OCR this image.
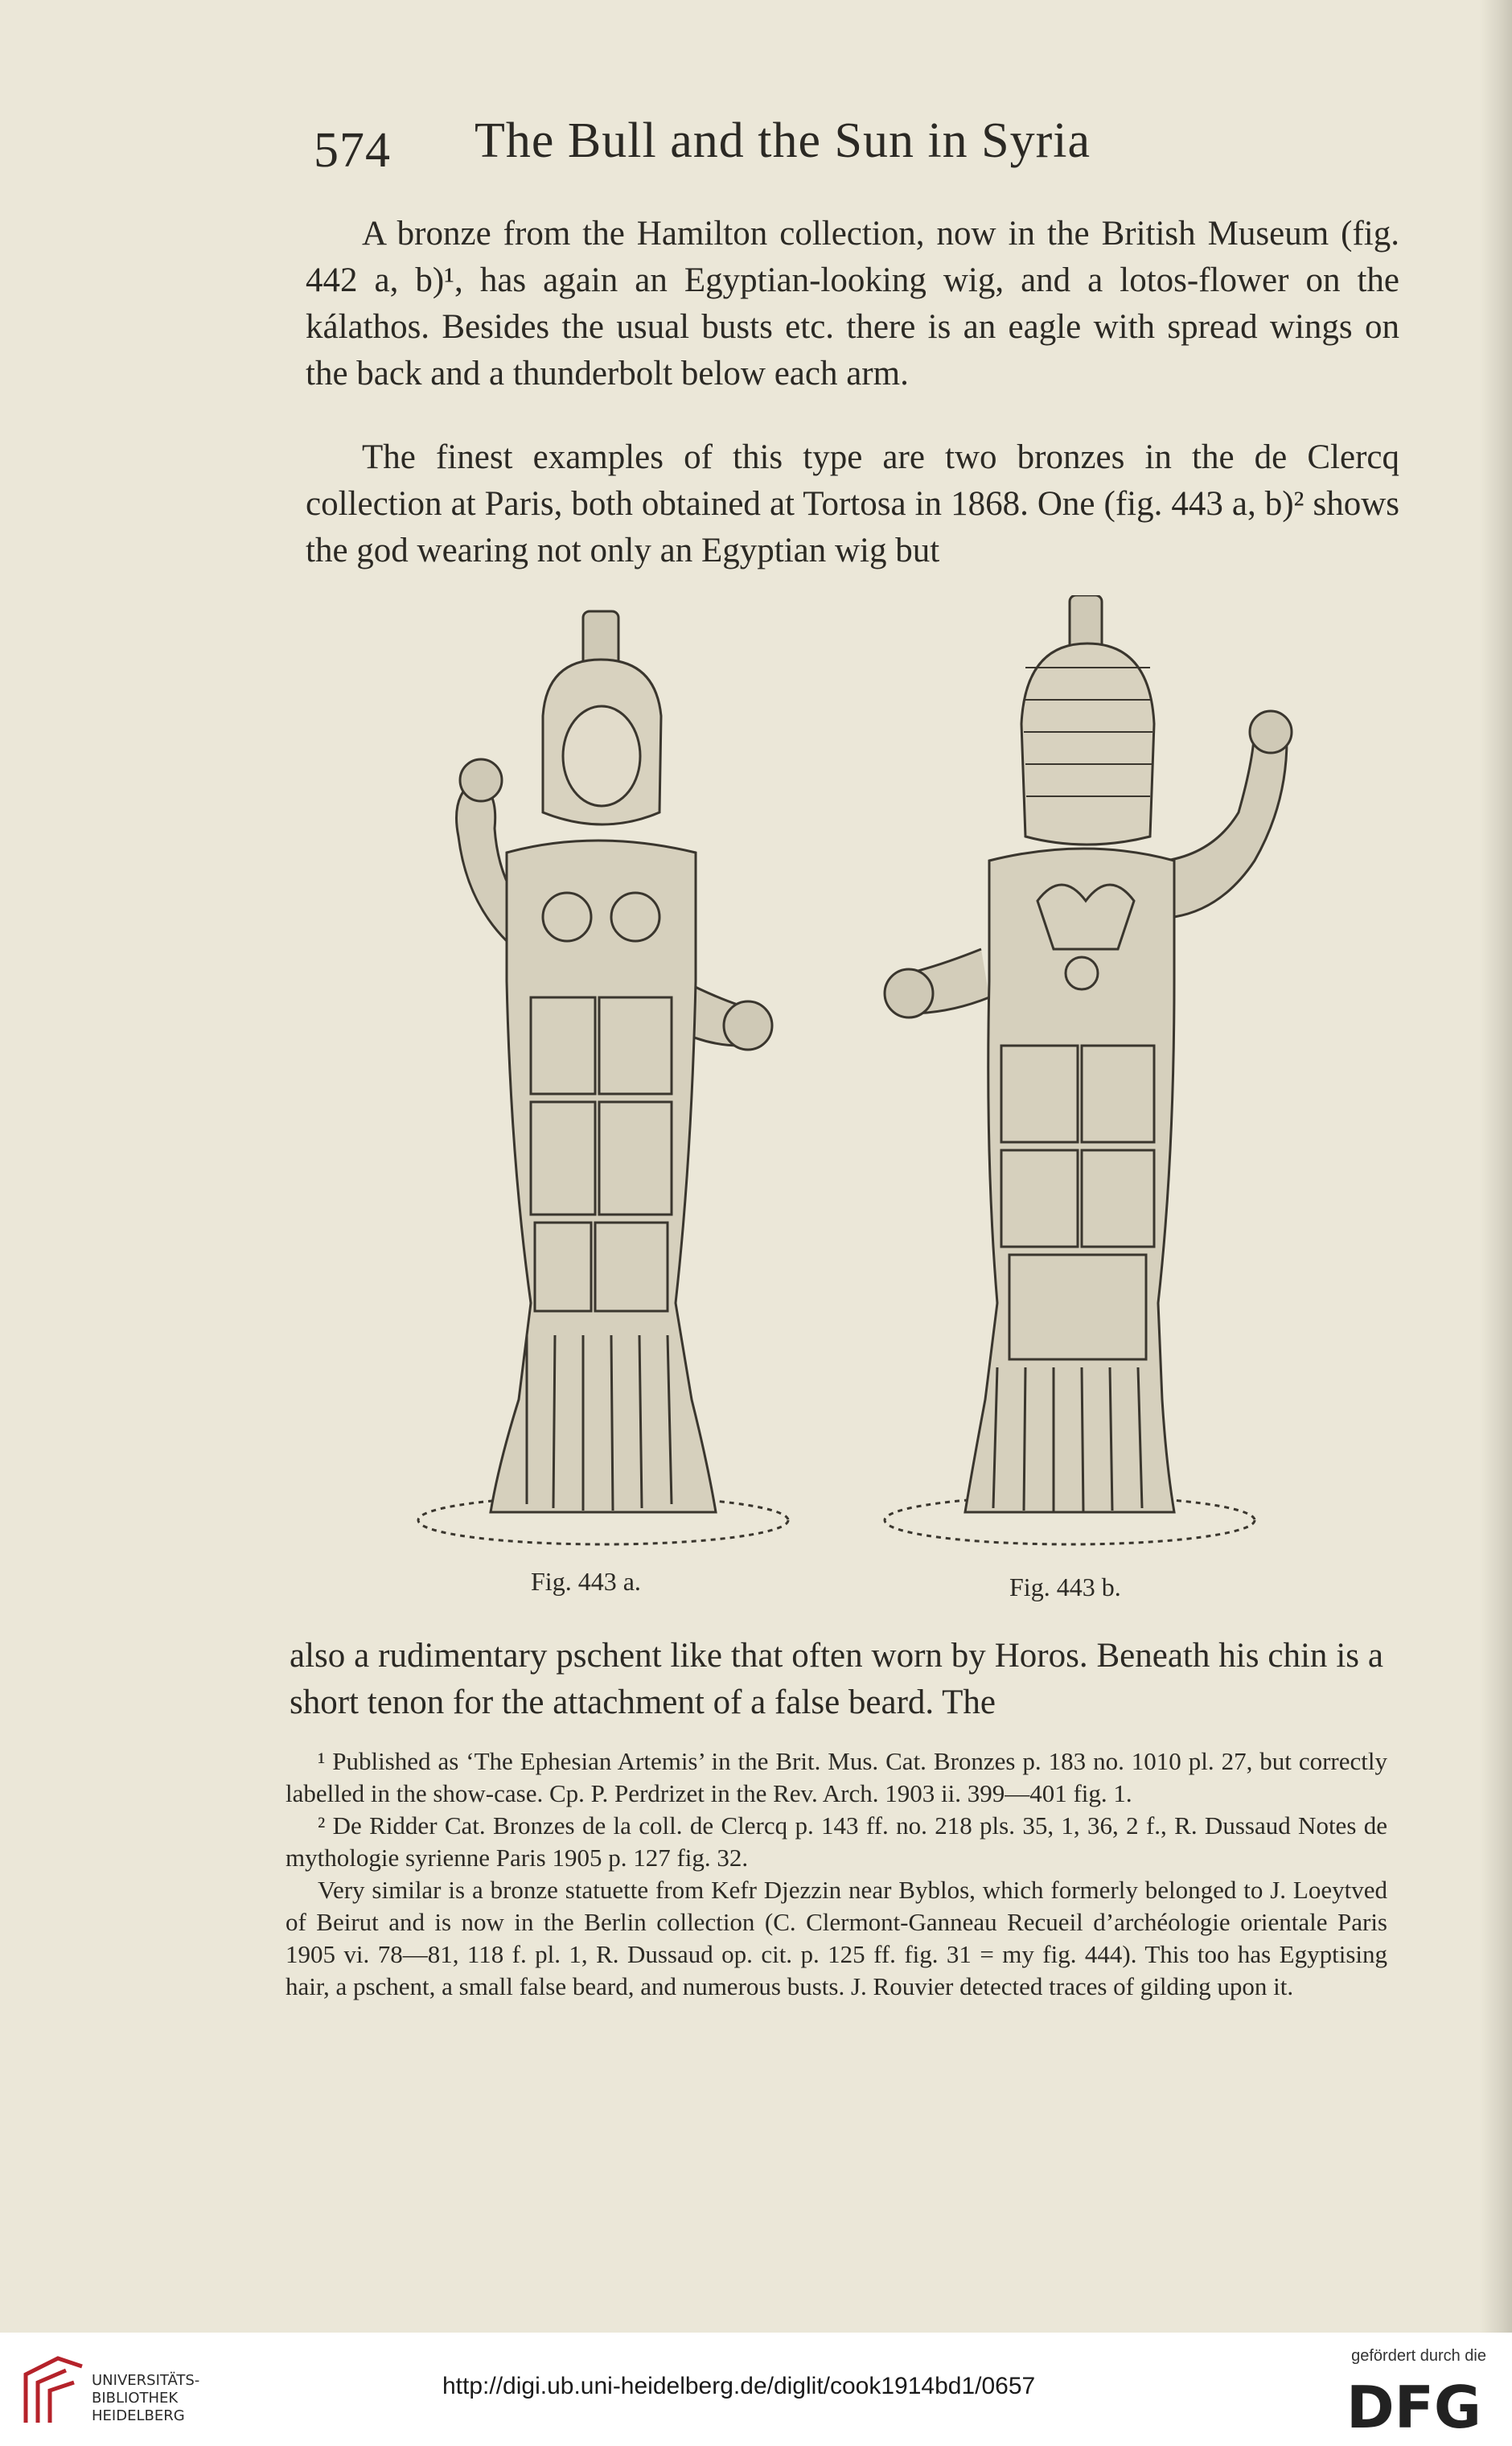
574 The Bull and the Sun in Syria

A bronze from the Hamilton collection, now in the British Museum (fig. 442 a, b)¹, has again an Egyptian-looking wig, and a lotos-flower on the kálathos. Besides the usual busts etc. there is an eagle with spread wings on the back and a thunderbolt below each arm.

The finest examples of this type are two bronzes in the de Clercq collection at Paris, both obtained at Tortosa in 1868. One (fig. 443 a, b)² shows the god wearing not only an Egyptian wig but

Fig. 443 a.	Fig. 443 b.

also a rudimentary pschent like that often worn by Horos. Beneath his chin is a short tenon for the attachment of a false beard. The

¹ Published as ‘The Ephesian Artemis’ in the Brit. Mus. Cat. Bronzes p. 183 no. 1010 pl. 27, but correctly labelled in the show-case. Cp. P. Perdrizet in the Rev. Arch. 1903 ii. 399—401 fig. 1.

² De Ridder Cat. Bronzes de la coll. de Clercq p. 143 ff. no. 218 pls. 35, 1, 36, 2 f., R. Dussaud Notes de mythologie syrienne Paris 1905 p. 127 fig. 32.

Very similar is a bronze statuette from Kefr Djezzin near Byblos, which formerly belonged to J. Loeytved of Beirut and is now in the Berlin collection (C. Clermont-Ganneau Recueil d’archéologie orientale Paris 1905 vi. 78—81, 118 f. pl. 1, R. Dussaud op. cit. p. 125 ff. fig. 31 = my fig. 444). This too has Egyptising hair, a pschent, a small false beard, and numerous busts. J. Rouvier detected traces of gilding upon it.

UNIVERSITÄTS-
BIBLIOTHEK
HEIDELBERG
http://digi.ub.uni-heidelberg.de/diglit/cook1914bd1/0657
gefördert durch die
DFG
